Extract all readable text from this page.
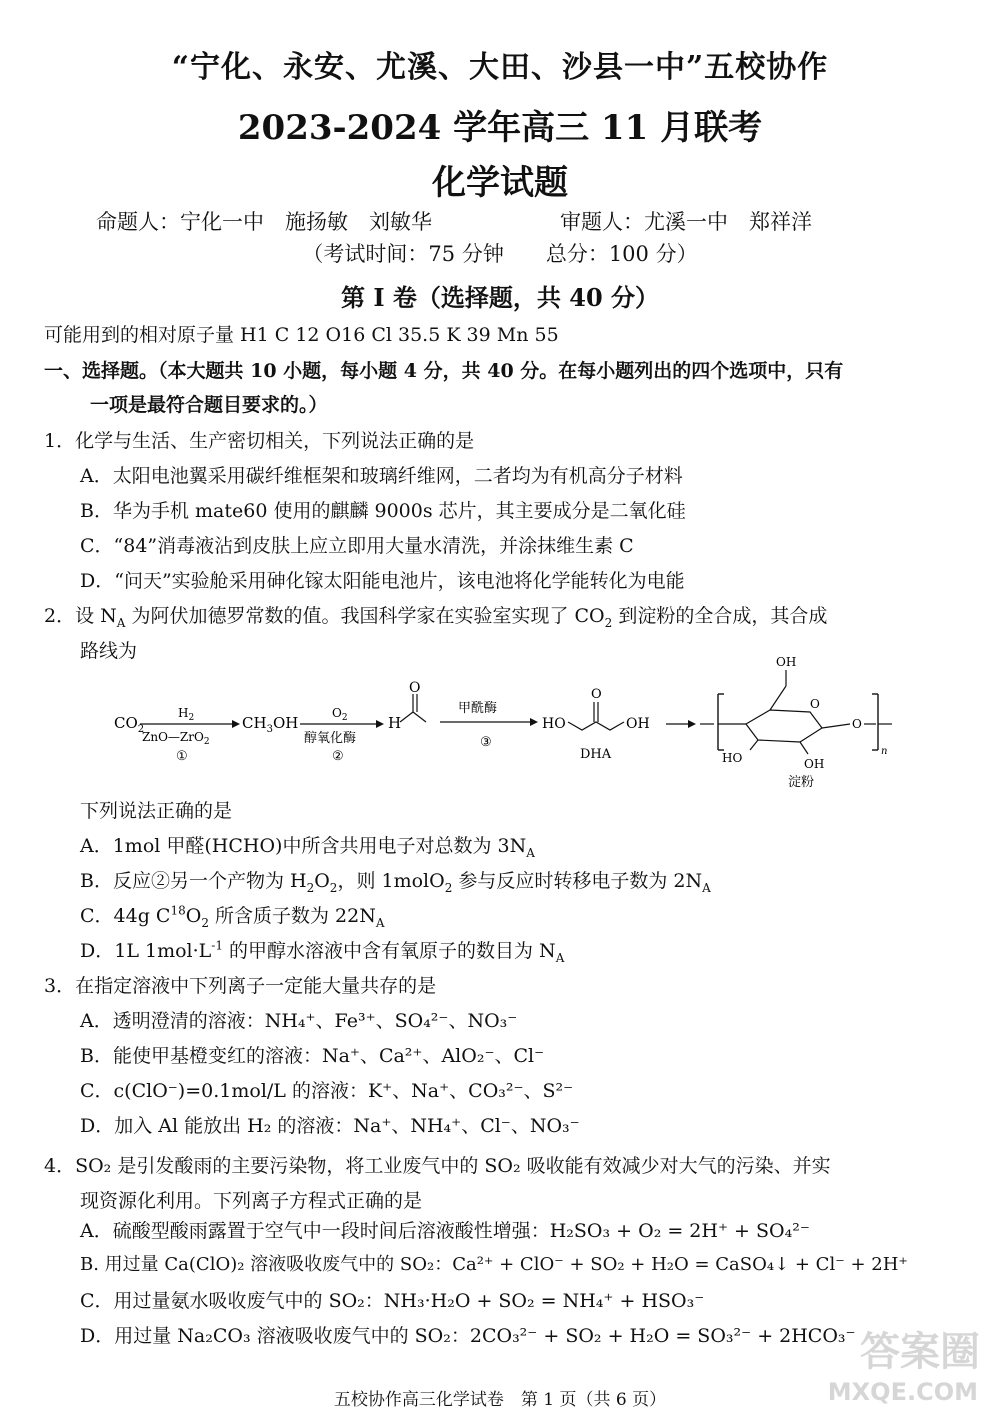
“宁化、永安、尤溪、大田、沙县一中”五校协作
2023-2024 学年高三 11 月联考
化学试题
命题人：宁化一中　施扬敏　刘敏华	审题人：尤溪一中　郑祥洋
（考试时间：75 分钟　　总分：100 分）
第 I 卷（选择题，共 40 分）
可能用到的相对原子量 H1 C 12 O16 Cl 35.5 K 39 Mn 55
一、选择题。（本大题共 10 小题，每小题 4 分，共 40 分。在每小题列出的四个选项中，只有
一项是最符合题目要求的。）
1．化学与生活、生产密切相关，下列说法正确的是
A．太阳电池翼采用碳纤维框架和玻璃纤维网，二者均为有机高分子材料
B．华为手机 mate60 使用的麒麟 9000s 芯片，其主要成分是二氧化硅
C．“84”消毒液沾到皮肤上应立即用大量水清洗，并涂抹维生素 C
D．“问天”实验舱采用砷化镓太阳能电池片，该电池将化学能转化为电能
2．设 $N_A$ 为阿伏加德罗常数的值。我国科学家在实验室实现了 $CO_2$ 到淀粉的全合成，其合成
路线为
$CO_2$
$H_2$
ZnO—ZrO$_2$
①
$CH_3OH$
$O_2$
醇氧化酶
②
H
O
甲酰酶
③
HO
O
OH
DHA
O
OH
HO	OH
O
n
淀粉
下列说法正确的是
A．1mol 甲醛(HCHO)中所含共用电子对总数为 $3N_A$
B．反应②另一个产物为 $H_2O_2$，则 1molO$_2$ 参与反应时转移电子数为 $2N_A$
C．44g $C^{18}O_2$ 所含质子数为 $22N_A$
D．1L $1mol\cdot L^{-1}$ 的甲醇水溶液中含有氧原子的数目为 $N_A$
3．在指定溶液中下列离子一定能大量共存的是
A．透明澄清的溶液：NH₄⁺、Fe³⁺、SO₄²⁻、NO₃⁻
B．能使甲基橙变红的溶液：Na⁺、Ca²⁺、AlO₂⁻、Cl⁻
C．c(ClO⁻)=0.1mol/L 的溶液：K⁺、Na⁺、CO₃²⁻、S²⁻
D．加入 Al 能放出 H₂ 的溶液：Na⁺、NH₄⁺、Cl⁻、NO₃⁻
4．SO₂ 是引发酸雨的主要污染物，将工业废气中的 SO₂ 吸收能有效减少对大气的污染、并实
现资源化利用。下列离子方程式正确的是
A．硫酸型酸雨露置于空气中一段时间后溶液酸性增强：H₂SO₃ + O₂ = 2H⁺ + SO₄²⁻
B. 用过量 Ca(ClO)₂ 溶液吸收废气中的 SO₂：Ca²⁺ + ClO⁻ + SO₂ + H₂O = CaSO₄↓ + Cl⁻ + 2H⁺
C．用过量氨水吸收废气中的 SO₂：NH₃·H₂O + SO₂ = NH₄⁺ + HSO₃⁻
D．用过量 Na₂CO₃ 溶液吸收废气中的 SO₂：2CO₃²⁻ + SO₂ + H₂O = SO₃²⁻ + 2HCO₃⁻
五校协作高三化学试卷　第 1 页（共 6 页）
答案圈
MXQE.COM
